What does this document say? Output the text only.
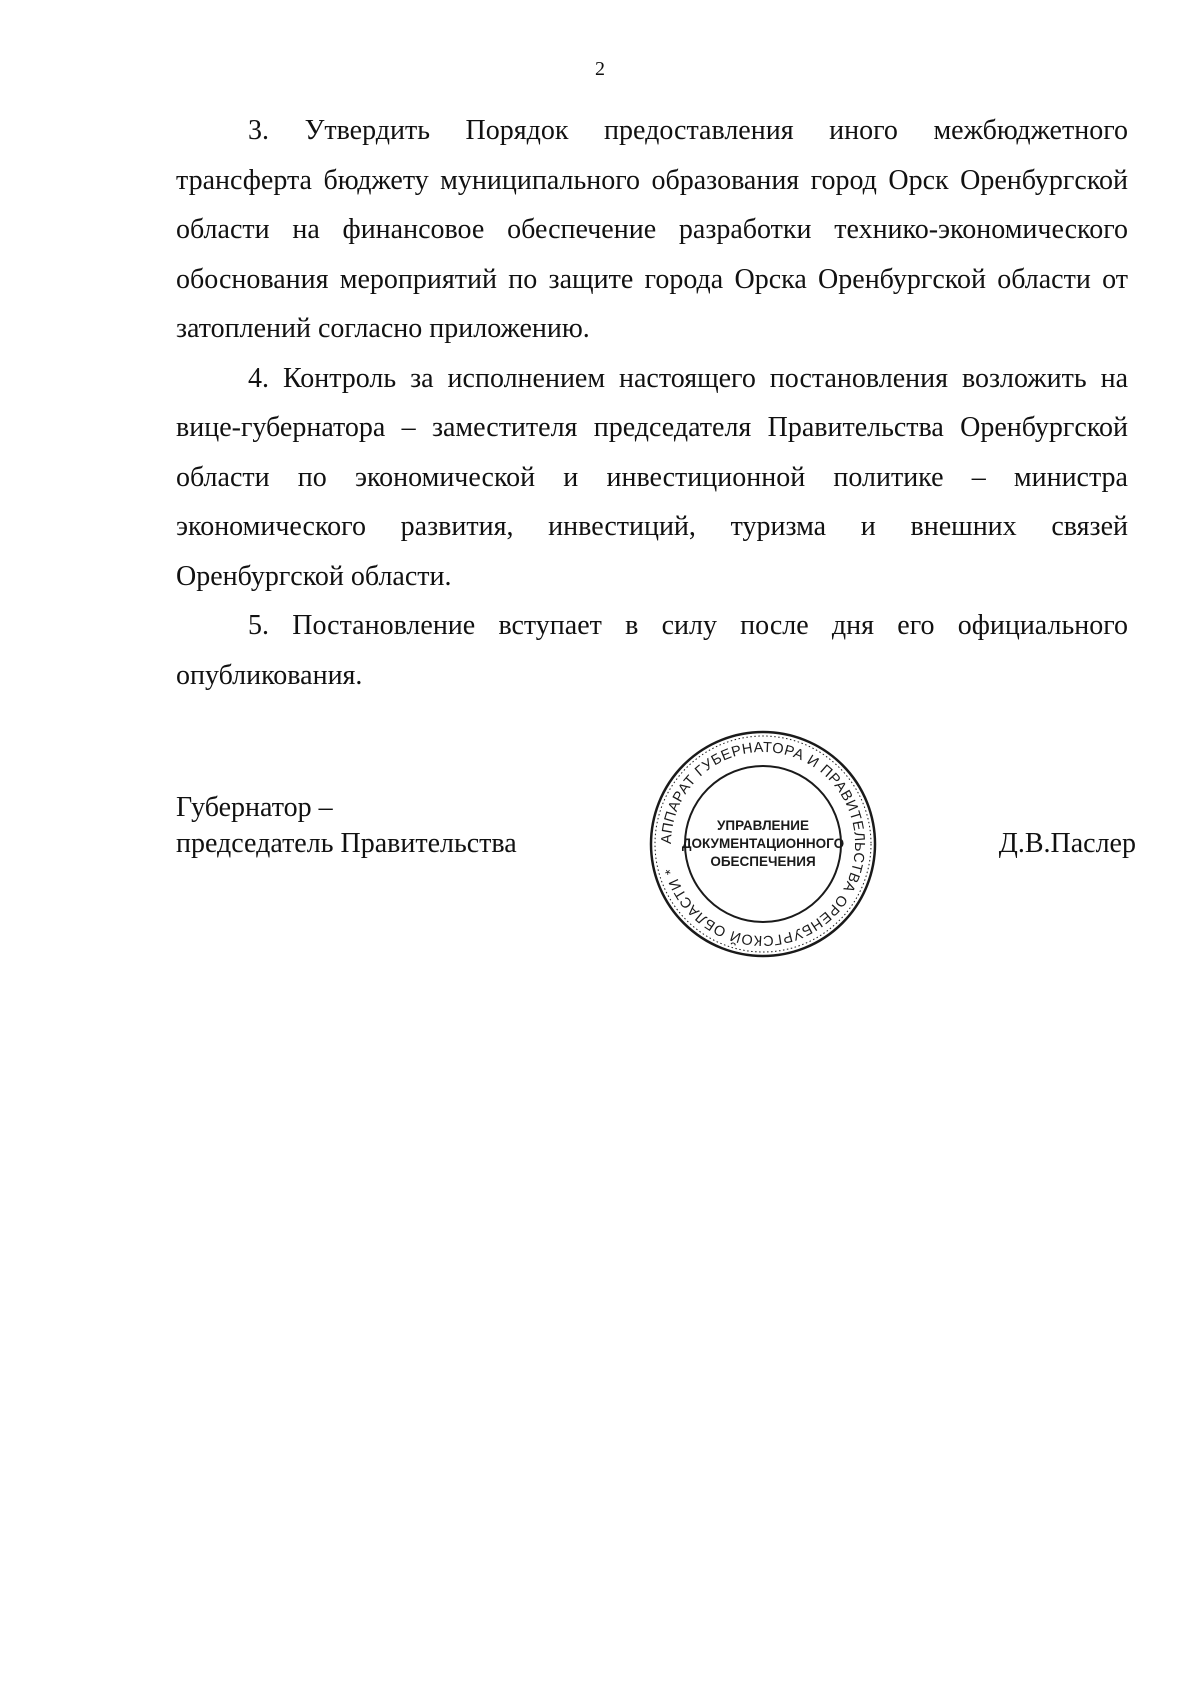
2

3. Утвердить Порядок предоставления иного межбюджетного трансферта бюджету муниципального образования город Орск Оренбургской области на финансовое обеспечение разработки технико-экономического обоснования мероприятий по защите города Орска Оренбургской области от затоплений согласно приложению.

4. Контроль за исполнением настоящего постановления возложить на вице-губернатора – заместителя председателя Правительства Оренбургской области по экономической и инвестиционной политике – министра экономического развития, инвестиций, туризма и внешних связей Оренбургской области.

5. Постановление вступает в силу после дня его официального опубликования.

Губернатор –
председатель Правительства	Д.В.Паслер
АППАРАТ ГУБЕРНАТОРА И ПРАВИТЕЛЬСТВА ОРЕНБУРГСКОЙ ОБЛАСТИ *
УПРАВЛЕНИЕ
ДОКУМЕНТАЦИОННОГО
ОБЕСПЕЧЕНИЯ
